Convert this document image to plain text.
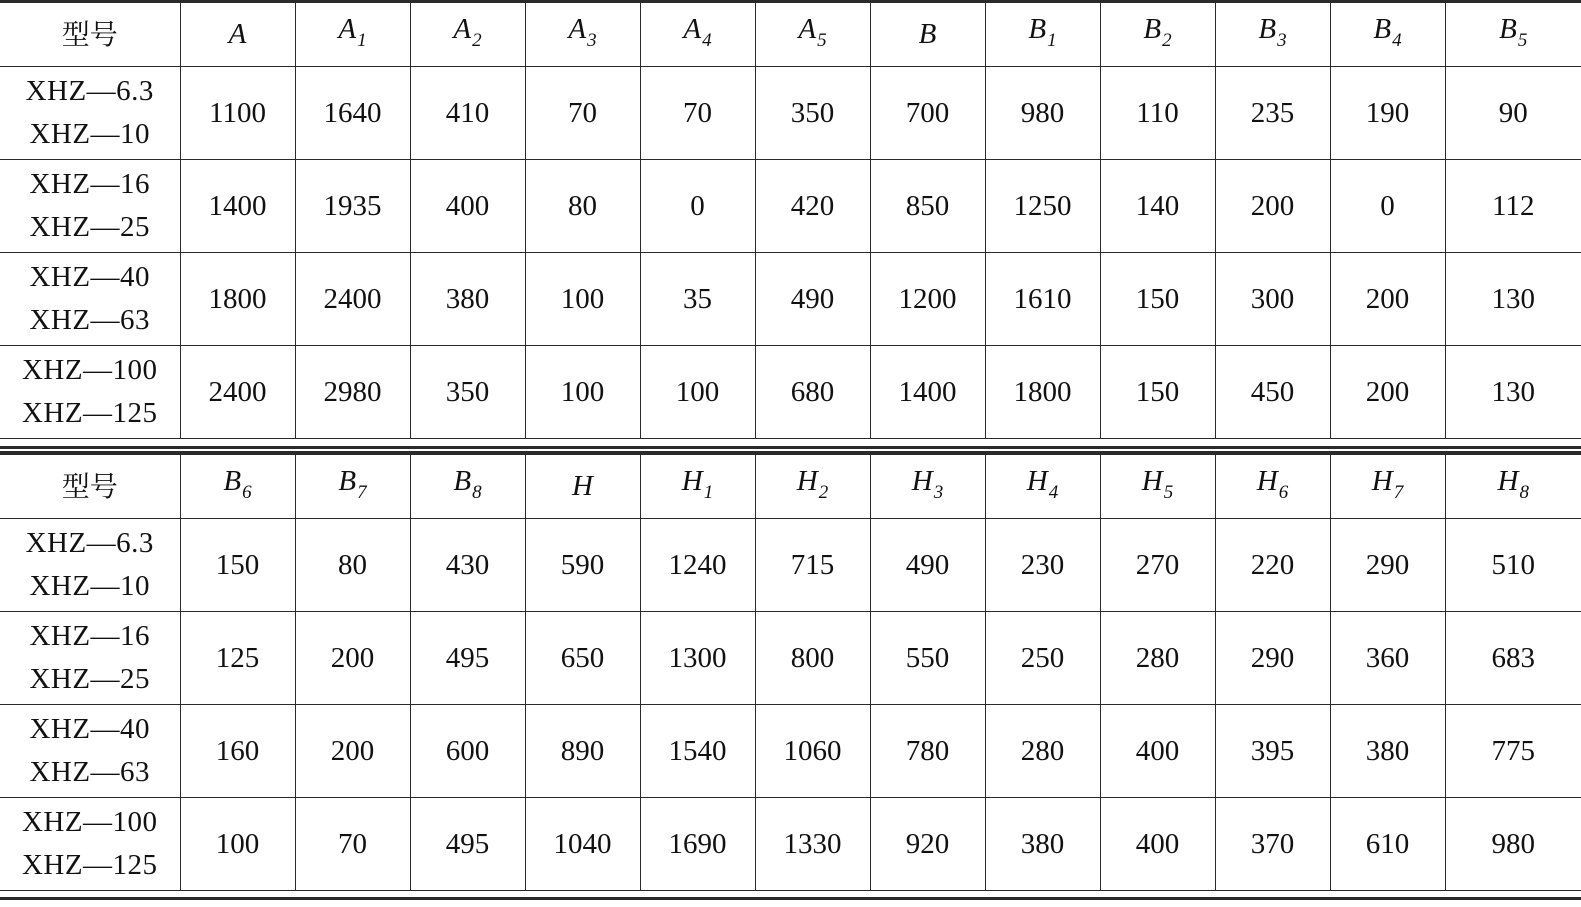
型号	A	$A_1$	$A_2$	$A_3$	$A_4$	$A_5$	B	$B_1$	$B_2$	$B_3$	$B_4$	$B_5$
XHZ—6.3
XHZ—10	1100	1640	410	70	70	350	700	980	110	235	190	90
XHZ—16
XHZ—25	1400	1935	400	80	0	420	850	1250	140	200	0	112
XHZ—40
XHZ—63	1800	2400	380	100	35	490	1200	1610	150	300	200	130
XHZ—100
XHZ—125	2400	2980	350	100	100	680	1400	1800	150	450	200	130
型号	$B_6$	$B_7$	$B_8$	H	$H_1$	$H_2$	$H_3$	$H_4$	$H_5$	$H_6$	$H_7$	$H_8$
XHZ—6.3
XHZ—10	150	80	430	590	1240	715	490	230	270	220	290	510
XHZ—16
XHZ—25	125	200	495	650	1300	800	550	250	280	290	360	683
XHZ—40
XHZ—63	160	200	600	890	1540	1060	780	280	400	395	380	775
XHZ—100
XHZ—125	100	70	495	1040	1690	1330	920	380	400	370	610	980
